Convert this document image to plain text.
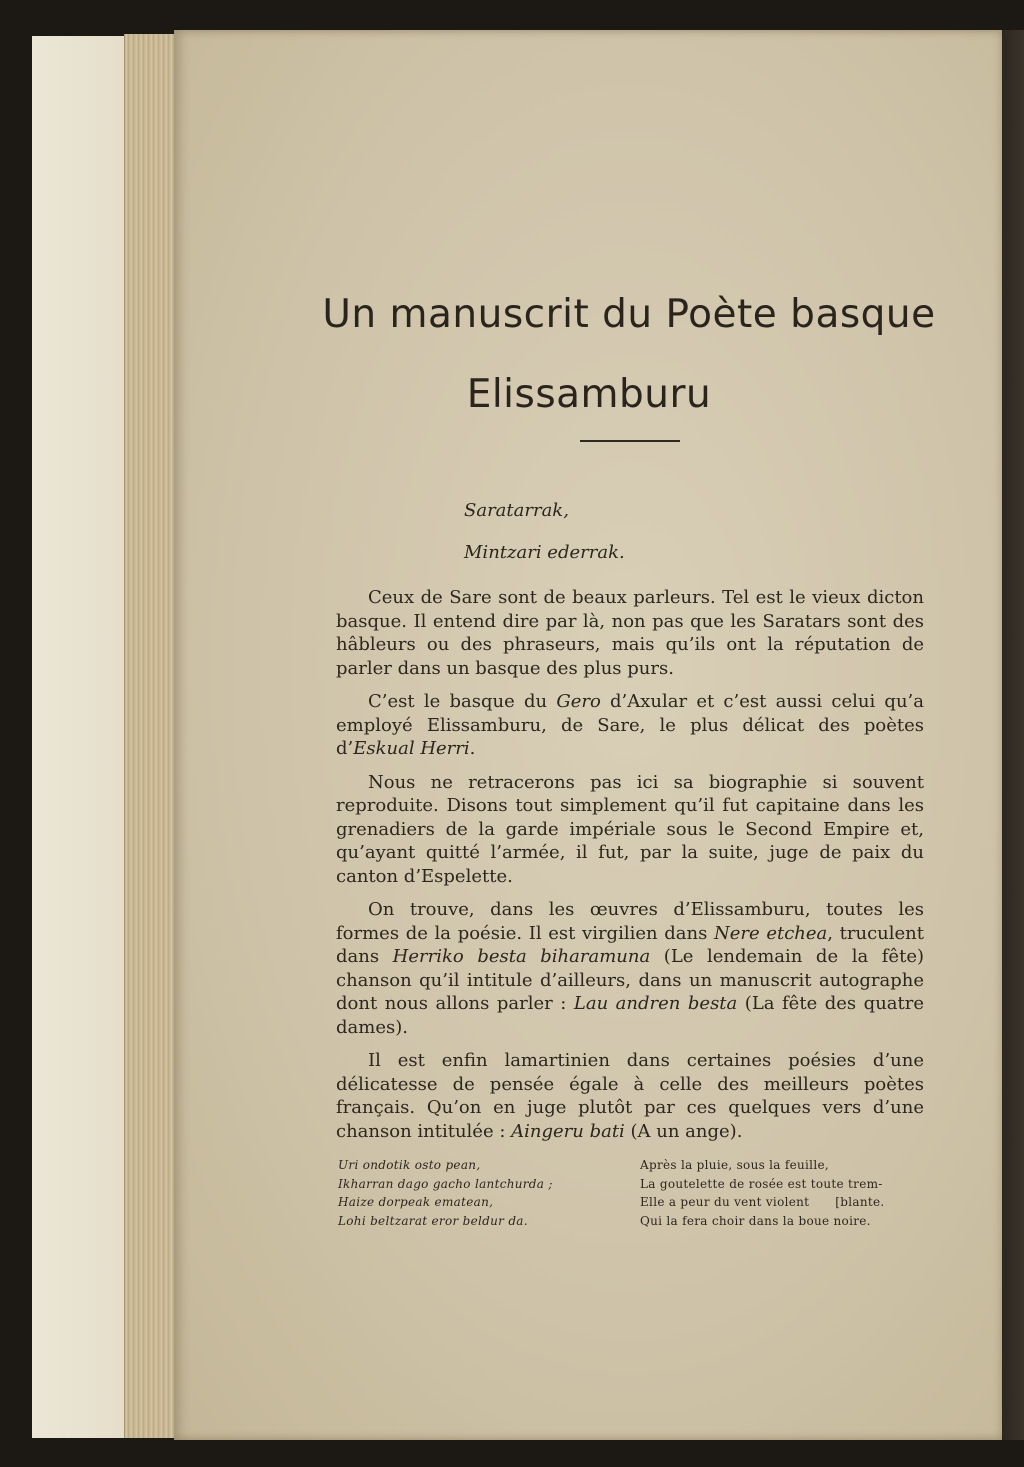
Un manuscrit du Poète basque
Elissamburu
Saratarrak,
Mintzari ederrak.

Ceux de Sare sont de beaux parleurs. Tel est le vieux dicton basque. Il entend dire par là, non pas que les Saratars sont des hâbleurs ou des phraseurs, mais qu’ils ont la réputation de parler dans un basque des plus purs.

C’est le basque du Gero d’Axular et c’est aussi celui qu’a employé Elissamburu, de Sare, le plus délicat des poètes d’Eskual Herri.

Nous ne retracerons pas ici sa biographie si souvent reproduite. Disons tout simplement qu’il fut capitaine dans les grenadiers de la garde impériale sous le Second Empire et, qu’ayant quitté l’armée, il fut, par la suite, juge de paix du canton d’Espelette.

On trouve, dans les œuvres d’Elissamburu, toutes les formes de la poésie. Il est virgilien dans Nere etchea, truculent dans Herriko besta biharamuna (Le lendemain de la fête) chanson qu’il intitule d’ailleurs, dans un manuscrit autographe dont nous allons parler : Lau andren besta (La fête des quatre dames).

Il est enfin lamartinien dans certaines poésies d’une délicatesse de pensée égale à celle des meilleurs poètes français. Qu’on en juge plutôt par ces quelques vers d’une chanson intitulée : Aingeru bati (A un ange).

Uri ondotik osto pean,
Ikharran dago gacho lantchurda ;
Haize dorpeak ematean,
Lohi beltzarat eror beldur da.
Après la pluie, sous la feuille,
La goutelette de rosée est toute trem-
Elle a peur du vent violent [blante.
Qui la fera choir dans la boue noire.
